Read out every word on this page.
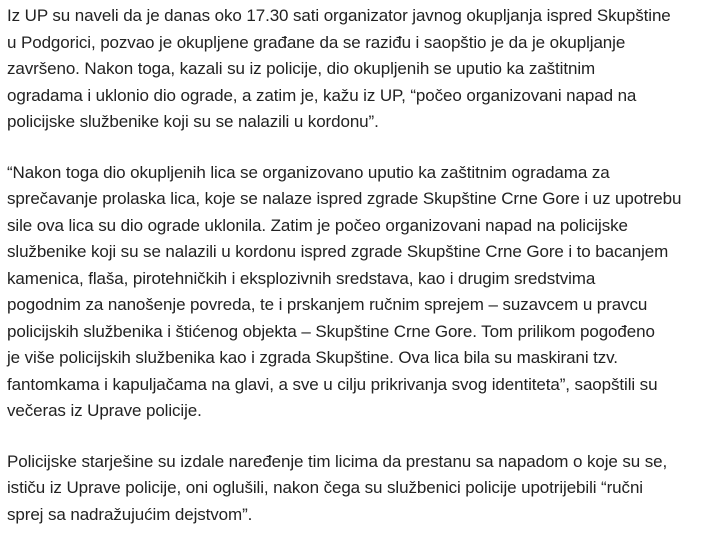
Iz UP su naveli da je danas oko 17.30 sati organizator javnog okupljanja ispred Skupštine
u Podgorici, pozvao je okupljene građane da se raziđu i saopštio je da je okupljanje
završeno. Nakon toga, kazali su iz policije, dio okupljenih se uputio ka zaštitnim
ogradama i uklonio dio ograde, a zatim je, kažu iz UP, “počeo organizovani napad na
policijske službenike koji su se nalazili u kordonu”.

“Nakon toga dio okupljenih lica se organizovano uputio ka zaštitnim ogradama za
sprečavanje prolaska lica, koje se nalaze ispred zgrade Skupštine Crne Gore i uz upotrebu
sile ova lica su dio ograde uklonila. Zatim je počeo organizovani napad na policijske
službenike koji su se nalazili u kordonu ispred zgrade Skupštine Crne Gore i to bacanjem
kamenica, flaša, pirotehničkih i eksplozivnih sredstava, kao i drugim sredstvima
pogodnim za nanošenje povreda, te i prskanjem ručnim sprejem – suzavcem u pravcu
policijskih službenika i štićenog objekta – Skupštine Crne Gore. Tom prilikom pogođeno
je više policijskih službenika kao i zgrada Skupštine. Ova lica bila su maskirani tzv.
fantomkama i kapuljačama na glavi, a sve u cilju prikrivanja svog identiteta”, saopštili su
večeras iz Uprave policije.

Policijske starješine su izdale naređenje tim licima da prestanu sa napadom o koje su se,
ističu iz Uprave policije, oni oglušili, nakon čega su službenici policije upotrijebili “ručni
sprej sa nadražujućim dejstvom”.
